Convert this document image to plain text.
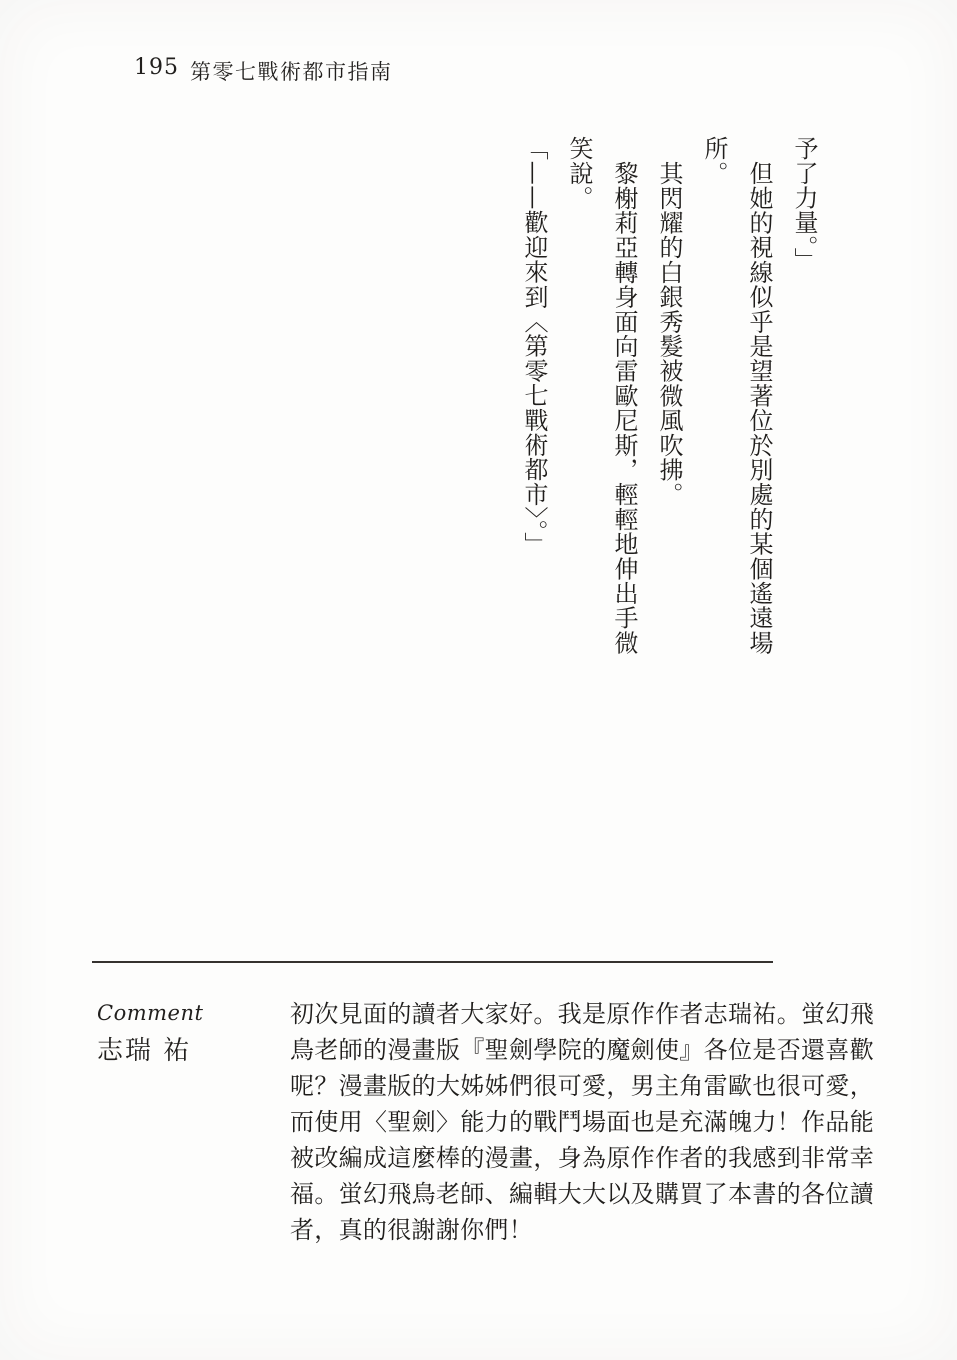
195 第零七戰術都市指南

予了力量。」

但她的視線似乎是望著位於別處的某個遙遠場所。

其閃耀的白銀秀髮被微風吹拂。

黎榭莉亞轉身面向雷歐尼斯，輕輕地伸出手微笑說。

「——歡迎來到〈第零七戰術都市〉。」

Comment
志瑞 祐

初次見面的讀者大家好。我是原作作者志瑞祐。蛍幻飛鳥老師的漫畫版『聖劍學院的魔劍使』各位是否還喜歡呢？漫畫版的大姊姊們很可愛，男主角雷歐也很可愛，而使用〈聖劍〉能力的戰鬥場面也是充滿魄力！作品能被改編成這麼棒的漫畫，身為原作作者的我感到非常幸福。蛍幻飛鳥老師、編輯大大以及購買了本書的各位讀者，真的很謝謝你們！
